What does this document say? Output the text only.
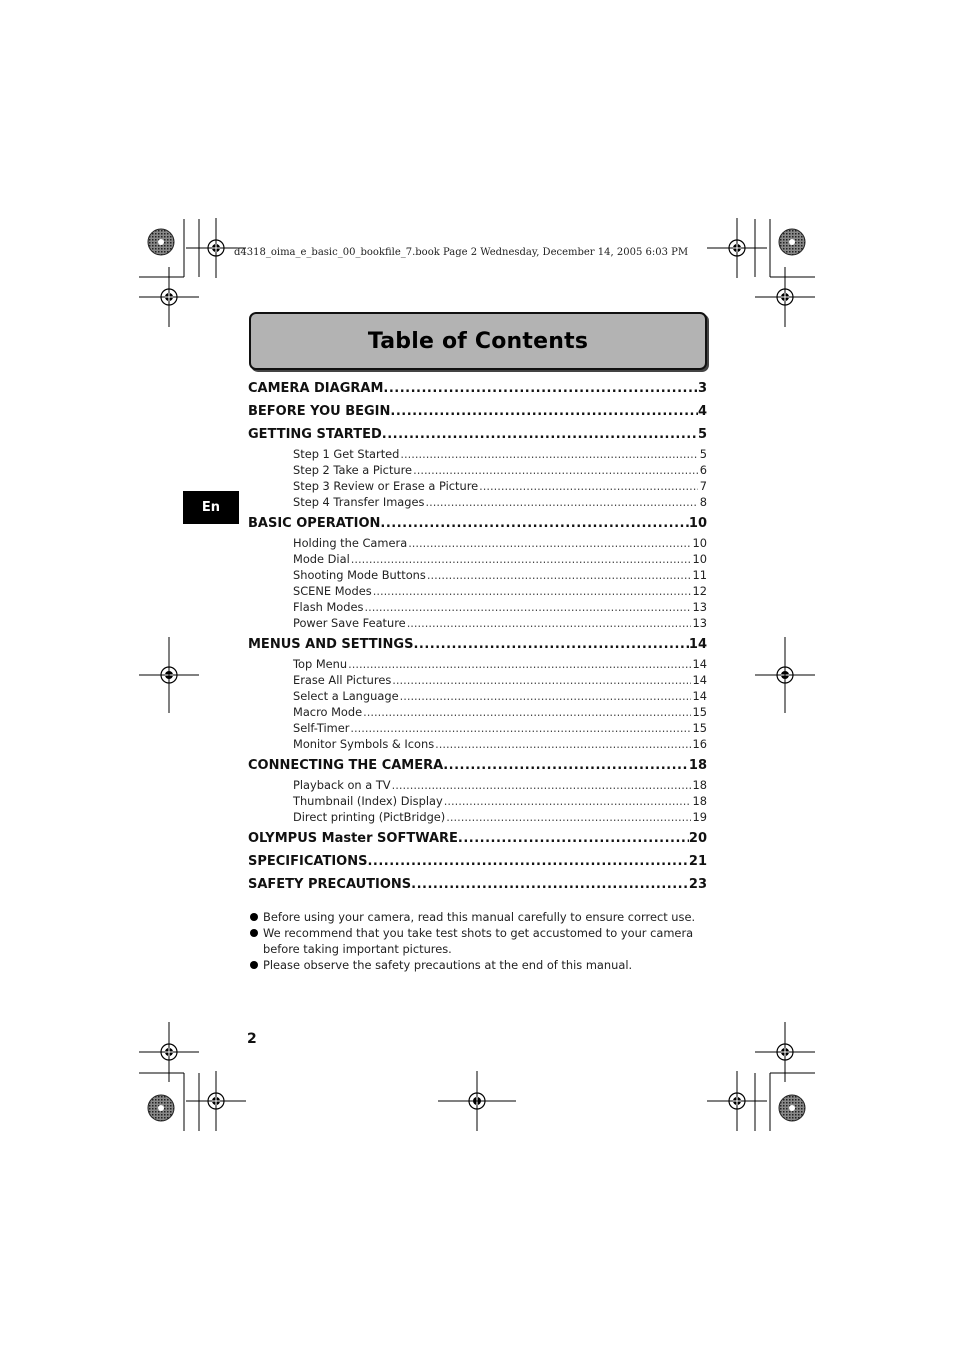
d4318_oima_e_basic_00_bookfile_7.book Page 2 Wednesday, December 14, 2005 6:03 PM
Table of Contents
En
CAMERA DIAGRAM .....	3
BEFORE YOU BEGIN .....	4
GETTING STARTED .....	5
Step 1 Get Started .....	5
Step 2 Take a Picture .....	6
Step 3 Review or Erase a Picture .....	7
Step 4 Transfer Images .....	8
BASIC OPERATION .....	10
Holding the Camera .....	10
Mode Dial .....	10
Shooting Mode Buttons .....	11
SCENE Modes .....	12
Flash Modes .....	13
Power Save Feature .....	13
MENUS AND SETTINGS .....	14
Top Menu .....	14
Erase All Pictures .....	14
Select a Language .....	14
Macro Mode .....	15
Self-Timer .....	15
Monitor Symbols & Icons .....	16
CONNECTING THE CAMERA .....	18
Playback on a TV .....	18
Thumbnail (Index) Display .....	18
Direct printing (PictBridge) .....	19
OLYMPUS Master SOFTWARE .....	20
SPECIFICATIONS .....	21
SAFETY PRECAUTIONS .....	23
Before using your camera, read this manual carefully to ensure correct use.
We recommend that you take test shots to get accustomed to your camera before taking important pictures.
Please observe the safety precautions at the end of this manual.
2
